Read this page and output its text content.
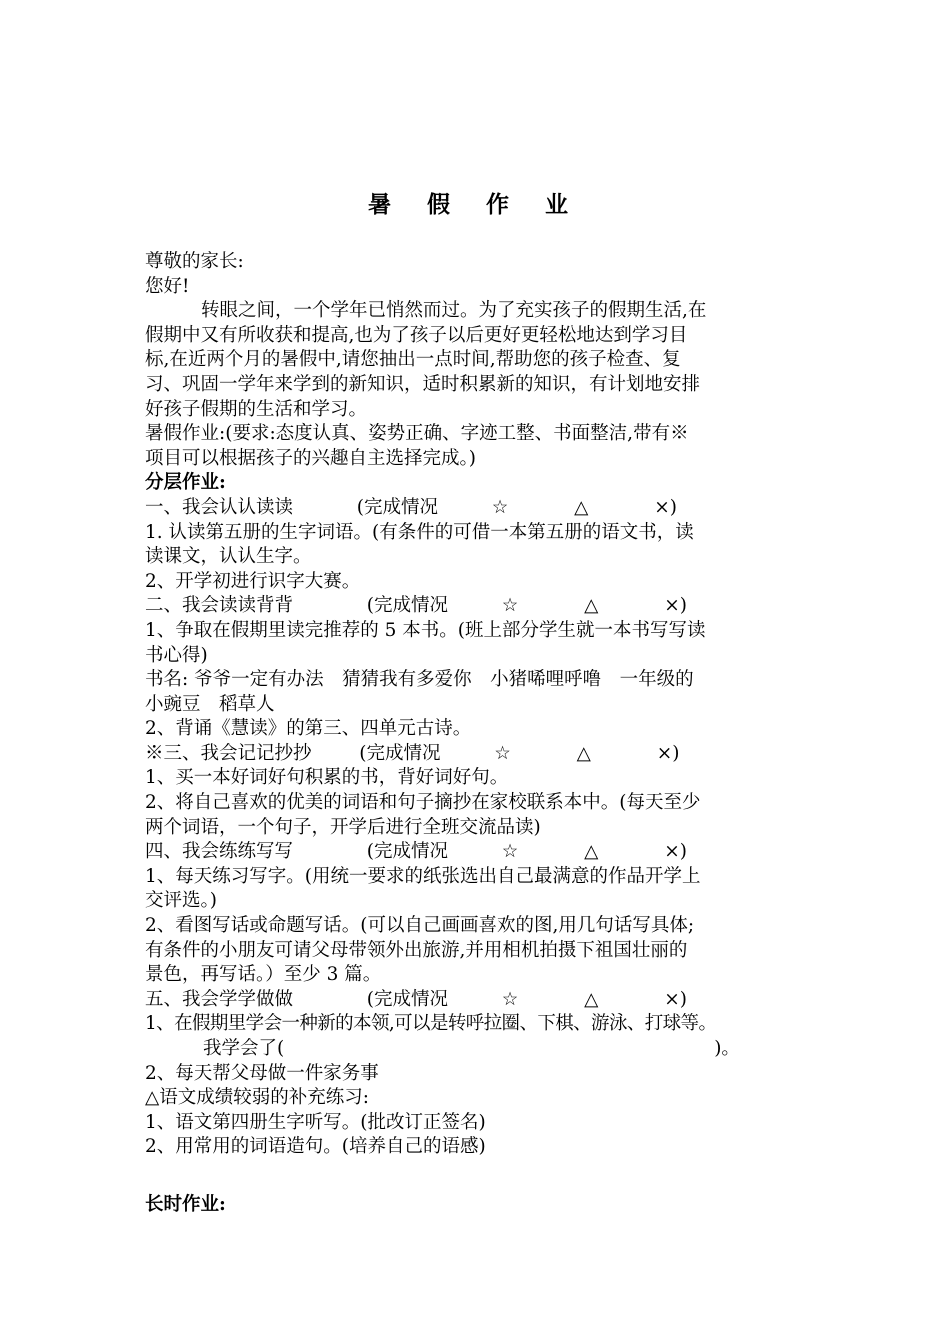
暑 假 作 业
尊敬的家长:
您好!
转眼之间，一个学年已悄然而过。为了充实孩子的假期生活,在
假期中又有所收获和提高,也为了孩子以后更好更轻松地达到学习目
标,在近两个月的暑假中,请您抽出一点时间,帮助您的孩子检查、复
习、巩固一学年来学到的新知识，适时积累新的知识，有计划地安排
好孩子假期的生活和学习。
暑假作业:(要求:态度认真、姿势正确、字迹工整、书面整洁,带有※
项目可以根据孩子的兴趣自主选择完成。)
分层作业:
一、我会认认读读	(完成情况	☆	△	×)
1. 认读第五册的生字词语。(有条件的可借一本第五册的语文书，读
读课文，认认生字。
2、开学初进行识字大赛。
二、我会读读背背	(完成情况	☆	△	×)
1、争取在假期里读完推荐的 5 本书。(班上部分学生就一本书写写读
书心得)
书名: 爷爷一定有办法　猜猜我有多爱你　小猪唏哩呼噜　一年级的
小豌豆　稻草人
2、背诵《慧读》的第三、四单元古诗。
※三、我会记记抄抄	(完成情况	☆	△	×)
1、买一本好词好句积累的书，背好词好句。
2、将自己喜欢的优美的词语和句子摘抄在家校联系本中。(每天至少
两个词语，一个句子，开学后进行全班交流品读)
四、我会练练写写	(完成情况	☆	△	×)
1、每天练习写字。(用统一要求的纸张选出自己最满意的作品开学上
交评选。)
2、看图写话或命题写话。(可以自己画画喜欢的图,用几句话写具体;
有条件的小朋友可请父母带领外出旅游,并用相机拍摄下祖国壮丽的
景色，再写话。）至少 3 篇。
五、我会学学做做	(完成情况	☆	△	×)
1、在假期里学会一种新的本领,可以是转呼拉圈、下棋、游泳、打球等。
我学会了(	)。
2、每天帮父母做一件家务事
△语文成绩较弱的补充练习:
1、语文第四册生字听写。(批改订正签名)
2、用常用的词语造句。(培养自己的语感)
长时作业:
